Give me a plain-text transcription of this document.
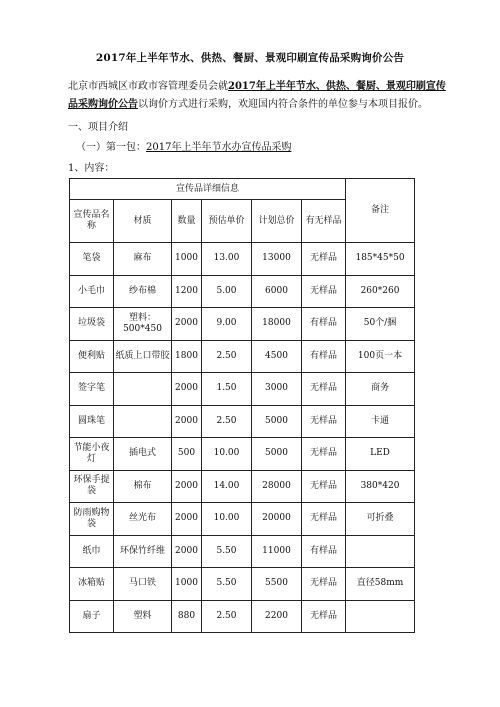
2017年上半年节水、供热、餐厨、景观印刷宣传品采购询价公告
北京市西城区市政市容管理委员会就2017年上半年节水、供热、餐厨、景观印刷宣传品采购询价公告以询价方式进行采购，欢迎国内符合条件的单位参与本项目报价。
一、项目介绍
（一）第一包：2017年上半年节水办宣传品采购
1、内容：
宣传品详细信息						备注
宣传品名称	材质	数量	预估单价	计划总价	有无样品	
笔袋	麻布	1000	13.00	13000	无样品	185*45*50
小毛巾	纱布棉	1200	5.00	6000	无样品	260*260
垃圾袋	塑料：500*450	2000	9.00	18000	有样品	50个/捆
便利贴	纸质上口带胶	1800	2.50	4500	有样品	100页一本
签字笔		2000	1.50	3000	无样品	商务
圆珠笔		2000	2.50	5000	无样品	卡通
节能小夜灯	插电式	500	10.00	5000	无样品	LED
环保手提袋	棉布	2000	14.00	28000	无样品	380*420
防雨购物袋	丝光布	2000	10.00	20000	无样品	可折叠
纸巾	环保竹纤维	2000	5.50	11000	有样品	
冰箱贴	马口铁	1000	5.50	5500	无样品	直径58mm
扇子	塑料	880	2.50	2200	无样品	
